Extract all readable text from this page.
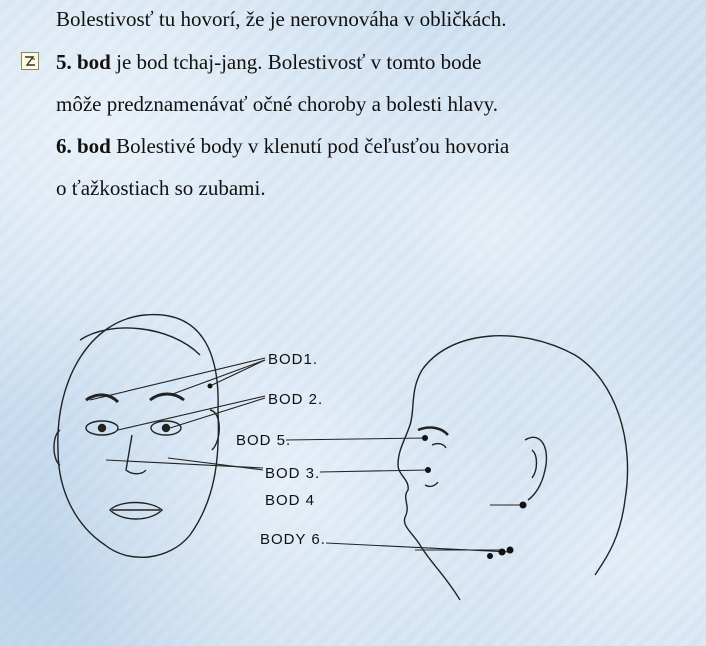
Bolestivosť tu hovorí, že je nerovnováha v obličkách.
5. bod je bod tchaj-jang. Bolestivosť v tomto bode
môže predznamenávať očné choroby a bolesti hlavy.
6. bod Bolestivé body v klenutí pod čeľusťou hovoria
o ťažkostiach so zubami.
BOD1.
BOD 2.
BOD 5.
BOD 3.
BOD 4
BODY 6.
